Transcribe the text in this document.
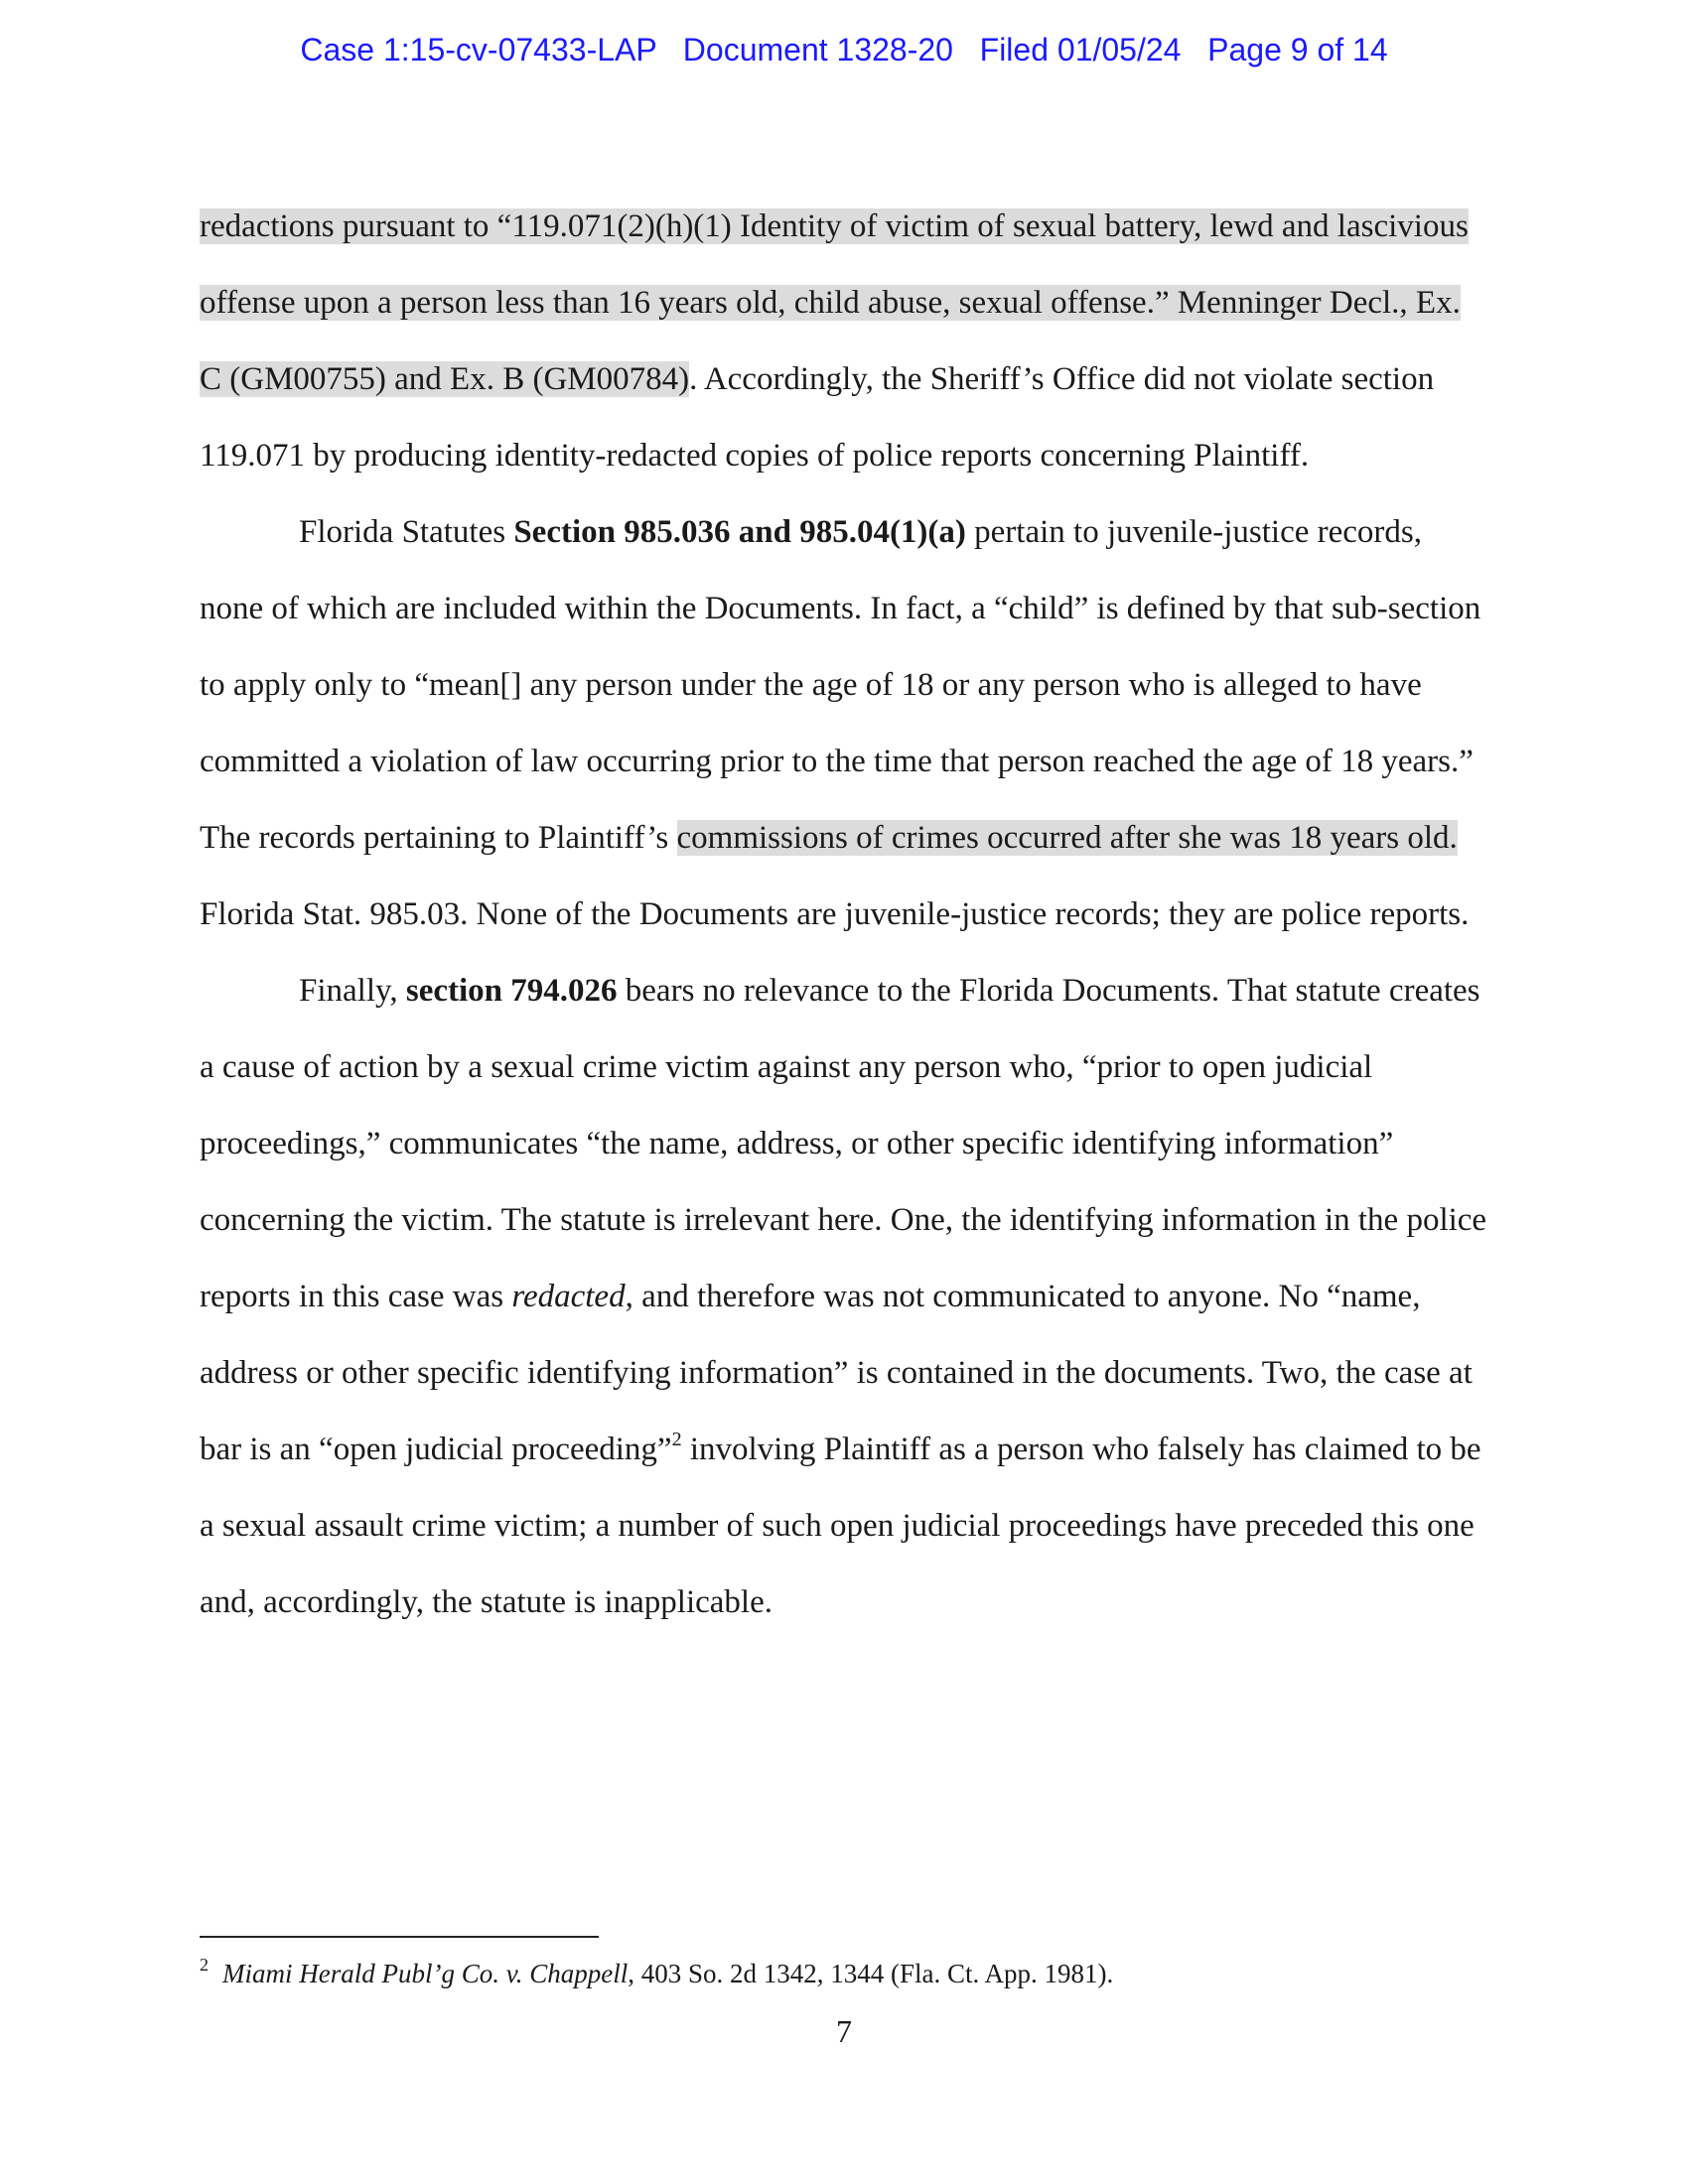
Case 1:15-cv-07433-LAP Document 1328-20 Filed 01/05/24 Page 9 of 14

redactions pursuant to “119.071(2)(h)(1) Identity of victim of sexual battery, lewd and lascivious offense upon a person less than 16 years old, child abuse, sexual offense.” Menninger Decl., Ex. C (GM00755) and Ex. B (GM00784). Accordingly, the Sheriff’s Office did not violate section 119.071 by producing identity-redacted copies of police reports concerning Plaintiff.

Florida Statutes Section 985.036 and 985.04(1)(a) pertain to juvenile-justice records, none of which are included within the Documents. In fact, a “child” is defined by that sub-section to apply only to “mean[] any person under the age of 18 or any person who is alleged to have committed a violation of law occurring prior to the time that person reached the age of 18 years.” The records pertaining to Plaintiff’s commissions of crimes occurred after she was 18 years old. Florida Stat. 985.03. None of the Documents are juvenile-justice records; they are police reports.

Finally, section 794.026 bears no relevance to the Florida Documents. That statute creates a cause of action by a sexual crime victim against any person who, “prior to open judicial proceedings,” communicates “the name, address, or other specific identifying information” concerning the victim. The statute is irrelevant here. One, the identifying information in the police reports in this case was redacted, and therefore was not communicated to anyone. No “name, address or other specific identifying information” is contained in the documents. Two, the case at bar is an “open judicial proceeding”$^2$ involving Plaintiff as a person who falsely has claimed to be a sexual assault crime victim; a number of such open judicial proceedings have preceded this one and, accordingly, the statute is inapplicable.

$^2$ Miami Herald Publ’g Co. v. Chappell, 403 So. 2d 1342, 1344 (Fla. Ct. App. 1981).
7
